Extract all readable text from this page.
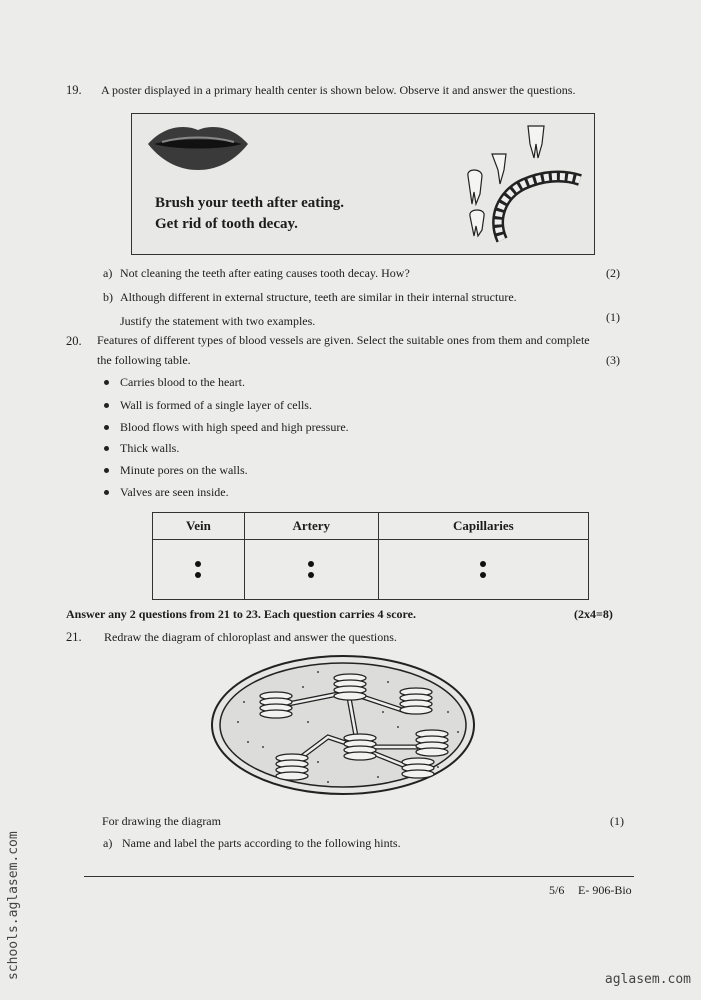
19. A poster displayed in a primary health center is shown below. Observe it and answer the questions.
Brush your teeth after eating.
Get rid of tooth decay.
a) Not cleaning the teeth after eating causes tooth decay. How?	(2)
b) Although different in external structure, teeth are similar in their internal structure.
Justify the statement with two examples.	(1)
20. Features of different types of blood vessels are given. Select the suitable ones from them and complete
the following table.	(3)
Carries blood to the heart.
Wall is formed of a single layer of cells.
Blood flows with high speed and high pressure.
Thick walls.
Minute pores on the walls.
Valves are seen inside.
Vein	Artery	Capillaries

Answer any 2 questions from 21 to 23. Each question carries 4 score.	(2x4=8)
21. Redraw the diagram of chloroplast and answer the questions.
For drawing the diagram	(1)
a) Name and label the parts according to the following hints.
5/6 E- 906-Bio
schools.aglasem.com	aglasem.com
